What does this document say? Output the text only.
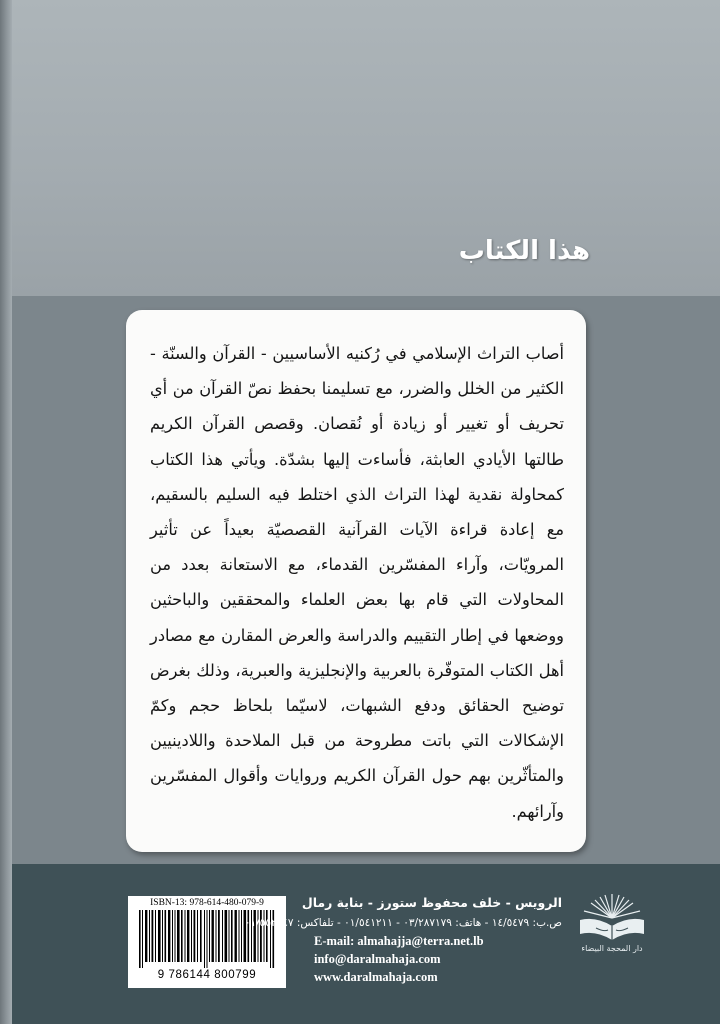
هذا الكتاب

أصاب التراث الإسلامي في رُكنيه الأساسيين - القرآن والسنّة - الكثير من الخلل والضرر، مع تسليمنا بحفظ نصّ القرآن من أي تحريف أو تغيير أو زيادة أو نُقصان. وقصص القرآن الكريم طالتها الأيادي العابثة، فأساءت إليها بشدّة. ويأتي هذا الكتاب كمحاولة نقدية لهذا التراث الذي اختلط فيه السليم بالسقيم، مع إعادة قراءة الآيات القرآنية القصصيّة بعيداً عن تأثير المرويّات، وآراء المفسّرين القدماء، مع الاستعانة بعدد من المحاولات التي قام بها بعض العلماء والمحققين والباحثين ووضعها في إطار التقييم والدراسة والعرض المقارن مع مصادر أهل الكتاب المتوفّرة بالعربية والإنجليزية والعبرية، وذلك بغرض توضيح الحقائق ودفع الشبهات، لاسيّما بلحاظ حجم وكمّ الإشكالات التي باتت مطروحة من قبل الملاحدة واللادينيين والمتأثّرين بهم حول القرآن الكريم وروايات وأقوال المفسّرين وآرائهم.

ISBN-13: 978-614-480-079-9
9 786144 800799

الرويس - خلف محفوظ ستورز - بناية رمال

ص.ب: ١٤/٥٤٧٩ - هاتف: ٠٣/٢٨٧١٧٩ - ٠١/٥٤١٢١١ - تلفاكس: ٠١/٥٥٢٨٤٧

E-mail: almahajja@terra.net.lb

info@daralmahaja.com

www.daralmahaja.com

دار المحجة البيضاء
